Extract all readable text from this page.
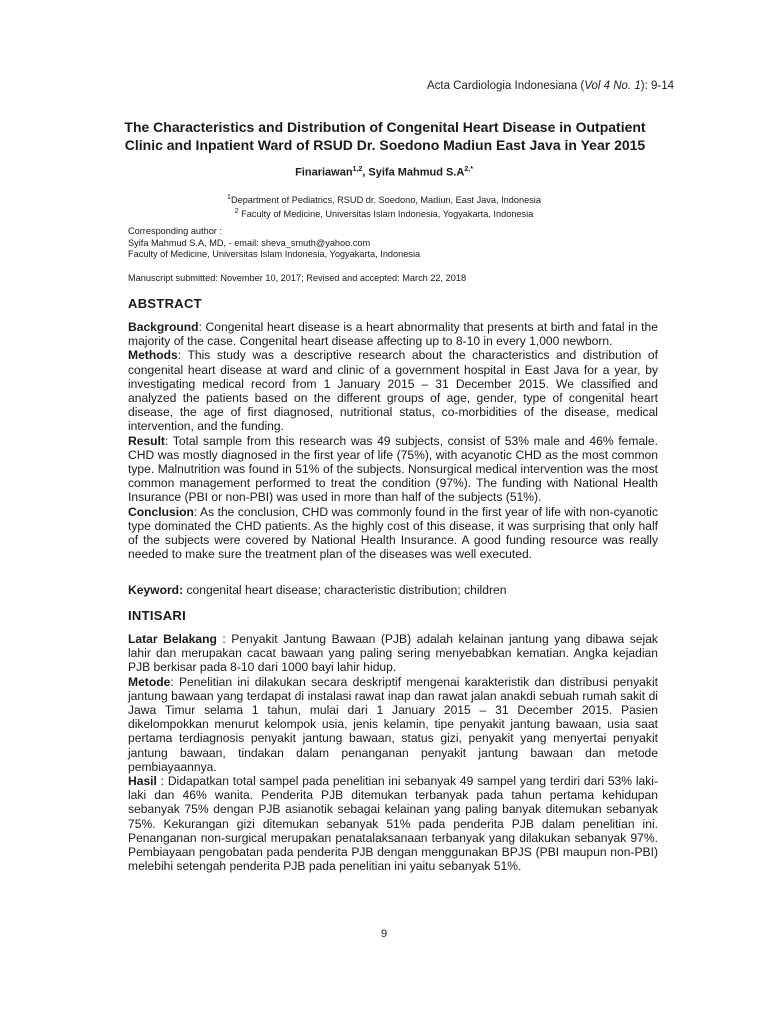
Acta Cardiologia Indonesiana (Vol 4 No. 1): 9-14
The Characteristics and Distribution of Congenital Heart Disease in Outpatient
Clinic and Inpatient Ward of RSUD Dr. Soedono Madiun East Java in Year 2015
Finariawan$^{1,2}$, Syifa Mahmud $S.A^{2,*}$
$^1$Department of Pediatrics, RSUD dr. Soedono, Madiun, East Java, Indonesia
$^2$ Faculty of Medicine, Universitas Islam Indonesia, Yogyakarta, Indonesia
Corresponding author :
Syifa Mahmud S.A, MD, - email: sheva_smuth@yahoo.com
Faculty of Medicine, Universitas Islam Indonesia, Yogyakarta, Indonesia
Manuscript submitted: November 10, 2017; Revised and accepted: March 22, 2018
ABSTRACT

Background: Congenital heart disease is a heart abnormality that presents at birth and fatal in the majority of the case. Congenital heart disease affecting up to 8-10 in every 1,000 newborn.

Methods: This study was a descriptive research about the characteristics and distribution of congenital heart disease at ward and clinic of a government hospital in East Java for a year, by investigating medical record from 1 January 2015 – 31 December 2015. We classified and analyzed the patients based on the different groups of age, gender, type of congenital heart disease, the age of first diagnosed, nutritional status, co-morbidities of the disease, medical intervention, and the funding.

Result: Total sample from this research was 49 subjects, consist of 53% male and 46% female. CHD was mostly diagnosed in the first year of life (75%), with acyanotic CHD as the most common type. Malnutrition was found in 51% of the subjects. Nonsurgical medical intervention was the most common management performed to treat the condition (97%). The funding with National Health Insurance (PBI or non-PBI) was used in more than half of the subjects (51%).

Conclusion: As the conclusion, CHD was commonly found in the first year of life with non-cyanotic type dominated the CHD patients. As the highly cost of this disease, it was surprising that only half of the subjects were covered by National Health Insurance. A good funding resource was really needed to make sure the treatment plan of the diseases was well executed.

Keyword: congenital heart disease; characteristic distribution; children
INTISARI

Latar Belakang : Penyakit Jantung Bawaan (PJB) adalah kelainan jantung yang dibawa sejak lahir dan merupakan cacat bawaan yang paling sering menyebabkan kematian. Angka kejadian PJB berkisar pada 8-10 dari 1000 bayi lahir hidup.

Metode: Penelitian ini dilakukan secara deskriptif mengenai karakteristik dan distribusi penyakit jantung bawaan yang terdapat di instalasi rawat inap dan rawat jalan anakdi sebuah rumah sakit di Jawa Timur selama 1 tahun, mulai dari 1 January 2015 – 31 December 2015. Pasien dikelompokkan menurut kelompok usia, jenis kelamin, tipe penyakit jantung bawaan, usia saat pertama terdiagnosis penyakit jantung bawaan, status gizi, penyakit yang menyertai penyakit jantung bawaan, tindakan dalam penanganan penyakit jantung bawaan dan metode pembiayaannya.

Hasil : Didapatkan total sampel pada penelitian ini sebanyak 49 sampel yang terdiri dari 53% laki-laki dan 46% wanita. Penderita PJB ditemukan terbanyak pada tahun pertama kehidupan sebanyak 75% dengan PJB asianotik sebagai kelainan yang paling banyak ditemukan sebanyak 75%. Kekurangan gizi ditemukan sebanyak 51% pada penderita PJB dalam penelitian ini. Penanganan non-surgical merupakan penatalaksanaan terbanyak yang dilakukan sebanyak 97%. Pembiayaan pengobatan pada penderita PJB dengan menggunakan BPJS (PBI maupun non-PBI) melebihi setengah penderita PJB pada penelitian ini yaitu sebanyak 51%.

9
